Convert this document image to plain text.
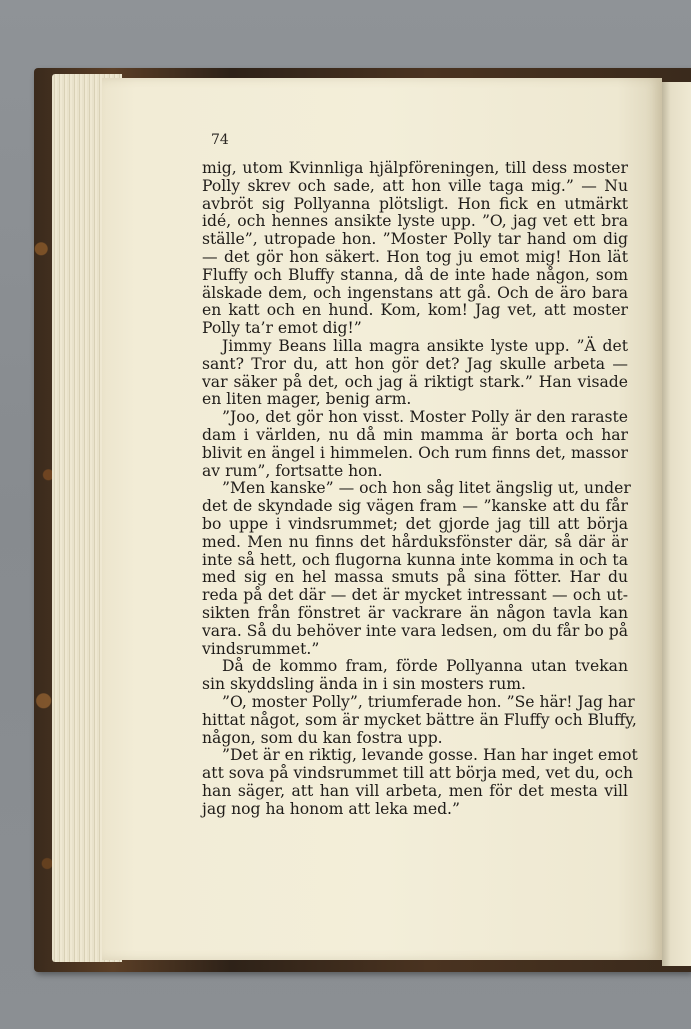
74
mig, utom Kvinnliga hjälpföreningen, till dess moster
Polly skrev och sade, att hon ville taga mig.” — Nu
avbröt sig Pollyanna plötsligt. Hon fick en utmärkt
idé, och hennes ansikte lyste upp. ”O, jag vet ett bra
ställe”, utropade hon. ”Moster Polly tar hand om dig
— det gör hon säkert. Hon tog ju emot mig! Hon lät
Fluffy och Bluffy stanna, då de inte hade någon, som
älskade dem, och ingenstans att gå. Och de äro bara
en katt och en hund. Kom, kom! Jag vet, att moster
Polly ta’r emot dig!”
Jimmy Beans lilla magra ansikte lyste upp. ”Ä det
sant? Tror du, att hon gör det? Jag skulle arbeta —
var säker på det, och jag ä riktigt stark.” Han visade
en liten mager, benig arm.
”Joo, det gör hon visst. Moster Polly är den raraste
dam i världen, nu då min mamma är borta och har
blivit en ängel i himmelen. Och rum finns det, massor
av rum”, fortsatte hon.
”Men kanske” — och hon såg litet ängslig ut, under
det de skyndade sig vägen fram — ”kanske att du får
bo uppe i vindsrummet; det gjorde jag till att börja
med. Men nu finns det hårduksfönster där, så där är
inte så hett, och flugorna kunna inte komma in och ta
med sig en hel massa smuts på sina fötter. Har du
reda på det där — det är mycket intressant — och ut-
sikten från fönstret är vackrare än någon tavla kan
vara. Så du behöver inte vara ledsen, om du får bo på
vindsrummet.”
Då de kommo fram, förde Pollyanna utan tvekan
sin skyddsling ända in i sin mosters rum.
”O, moster Polly”, triumferade hon. ”Se här! Jag har
hittat något, som är mycket bättre än Fluffy och Bluffy,
någon, som du kan fostra upp.
”Det är en riktig, levande gosse. Han har inget emot
att sova på vindsrummet till att börja med, vet du, och
han säger, att han vill arbeta, men för det mesta vill
jag nog ha honom att leka med.”
